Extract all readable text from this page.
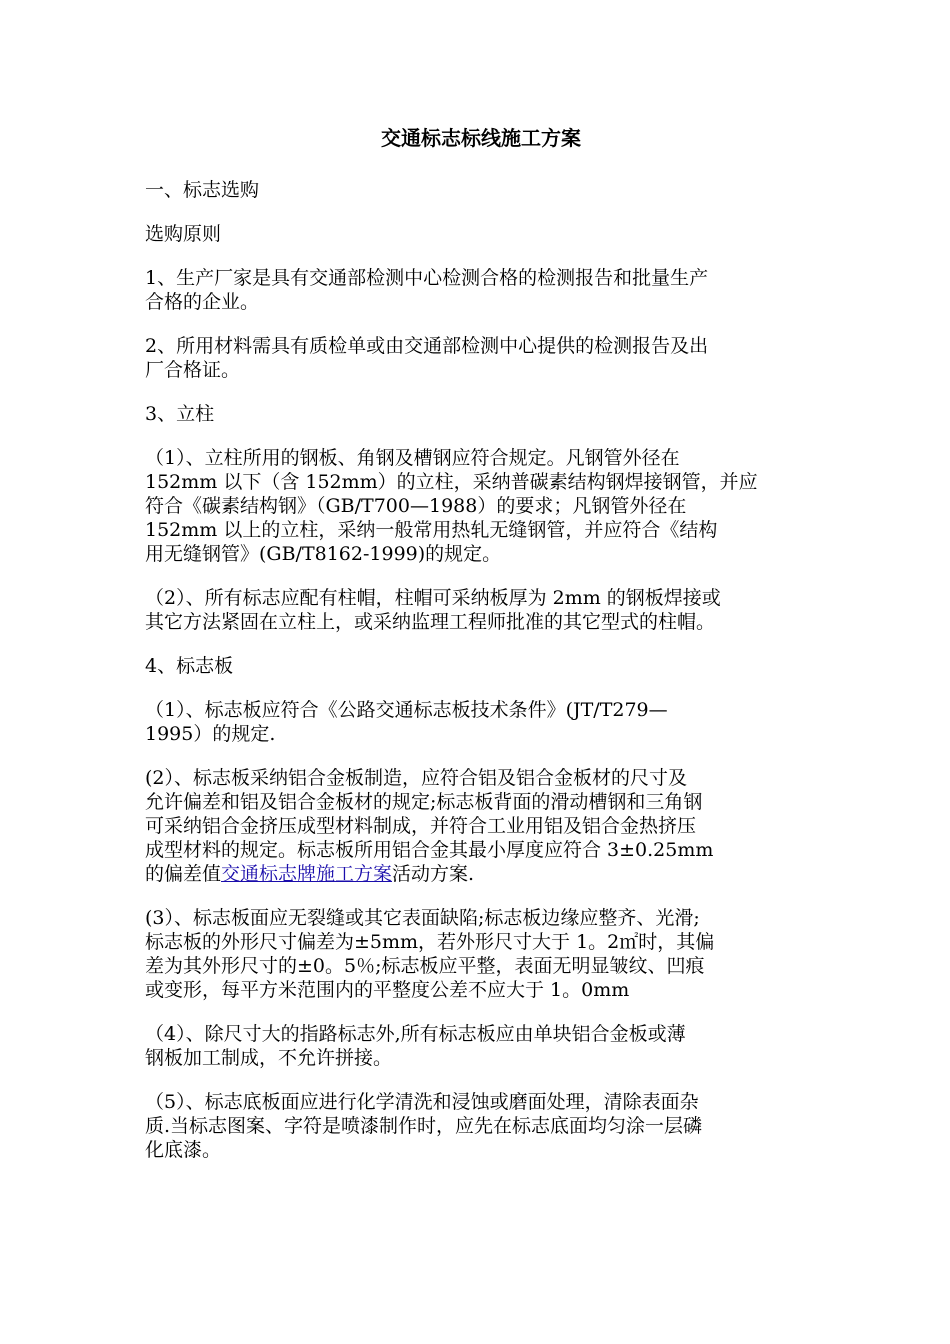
交通标志标线施工方案
一、标志选购
选购原则
1、生产厂家是具有交通部检测中心检测合格的检测报告和批量生产
合格的企业。
2、所用材料需具有质检单或由交通部检测中心提供的检测报告及出
厂合格证。
3、立柱
（1）、立柱所用的钢板、角钢及槽钢应符合规定。凡钢管外径在
152mm 以下（含 152mm）的立柱，采纳普碳素结构钢焊接钢管，并应
符合《碳素结构钢》（GB/T700—1988）的要求；凡钢管外径在
152mm 以上的立柱，采纳一般常用热轧无缝钢管，并应符合《结构
用无缝钢管》(GB/T8162-1999)的规定。
（2）、所有标志应配有柱帽，柱帽可采纳板厚为 2mm 的钢板焊接或
其它方法紧固在立柱上，或采纳监理工程师批准的其它型式的柱帽。
4、标志板
（1）、标志板应符合《公路交通标志板技术条件》(JT/T279—
1995）的规定.
(2）、标志板采纳铝合金板制造，应符合铝及铝合金板材的尺寸及
允许偏差和铝及铝合金板材的规定;标志板背面的滑动槽钢和三角钢
可采纳铝合金挤压成型材料制成，并符合工业用铝及铝合金热挤压
成型材料的规定。标志板所用铝合金其最小厚度应符合 3±0.25mm
的偏差值交通标志牌施工方案活动方案.
(3）、标志板面应无裂缝或其它表面缺陷;标志板边缘应整齐、光滑;
标志板的外形尺寸偏差为±5mm，若外形尺寸大于 1。2㎡时，其偏
差为其外形尺寸的±0。5％;标志板应平整，表面无明显皱纹、凹痕
或变形，每平方米范围内的平整度公差不应大于 1。0mm
（4）、除尺寸大的指路标志外,所有标志板应由单块铝合金板或薄
钢板加工制成，不允许拼接。
（5）、标志底板面应进行化学清洗和浸蚀或磨面处理，清除表面杂
质.当标志图案、字符是喷漆制作时，应先在标志底面均匀涂一层磷
化底漆。
